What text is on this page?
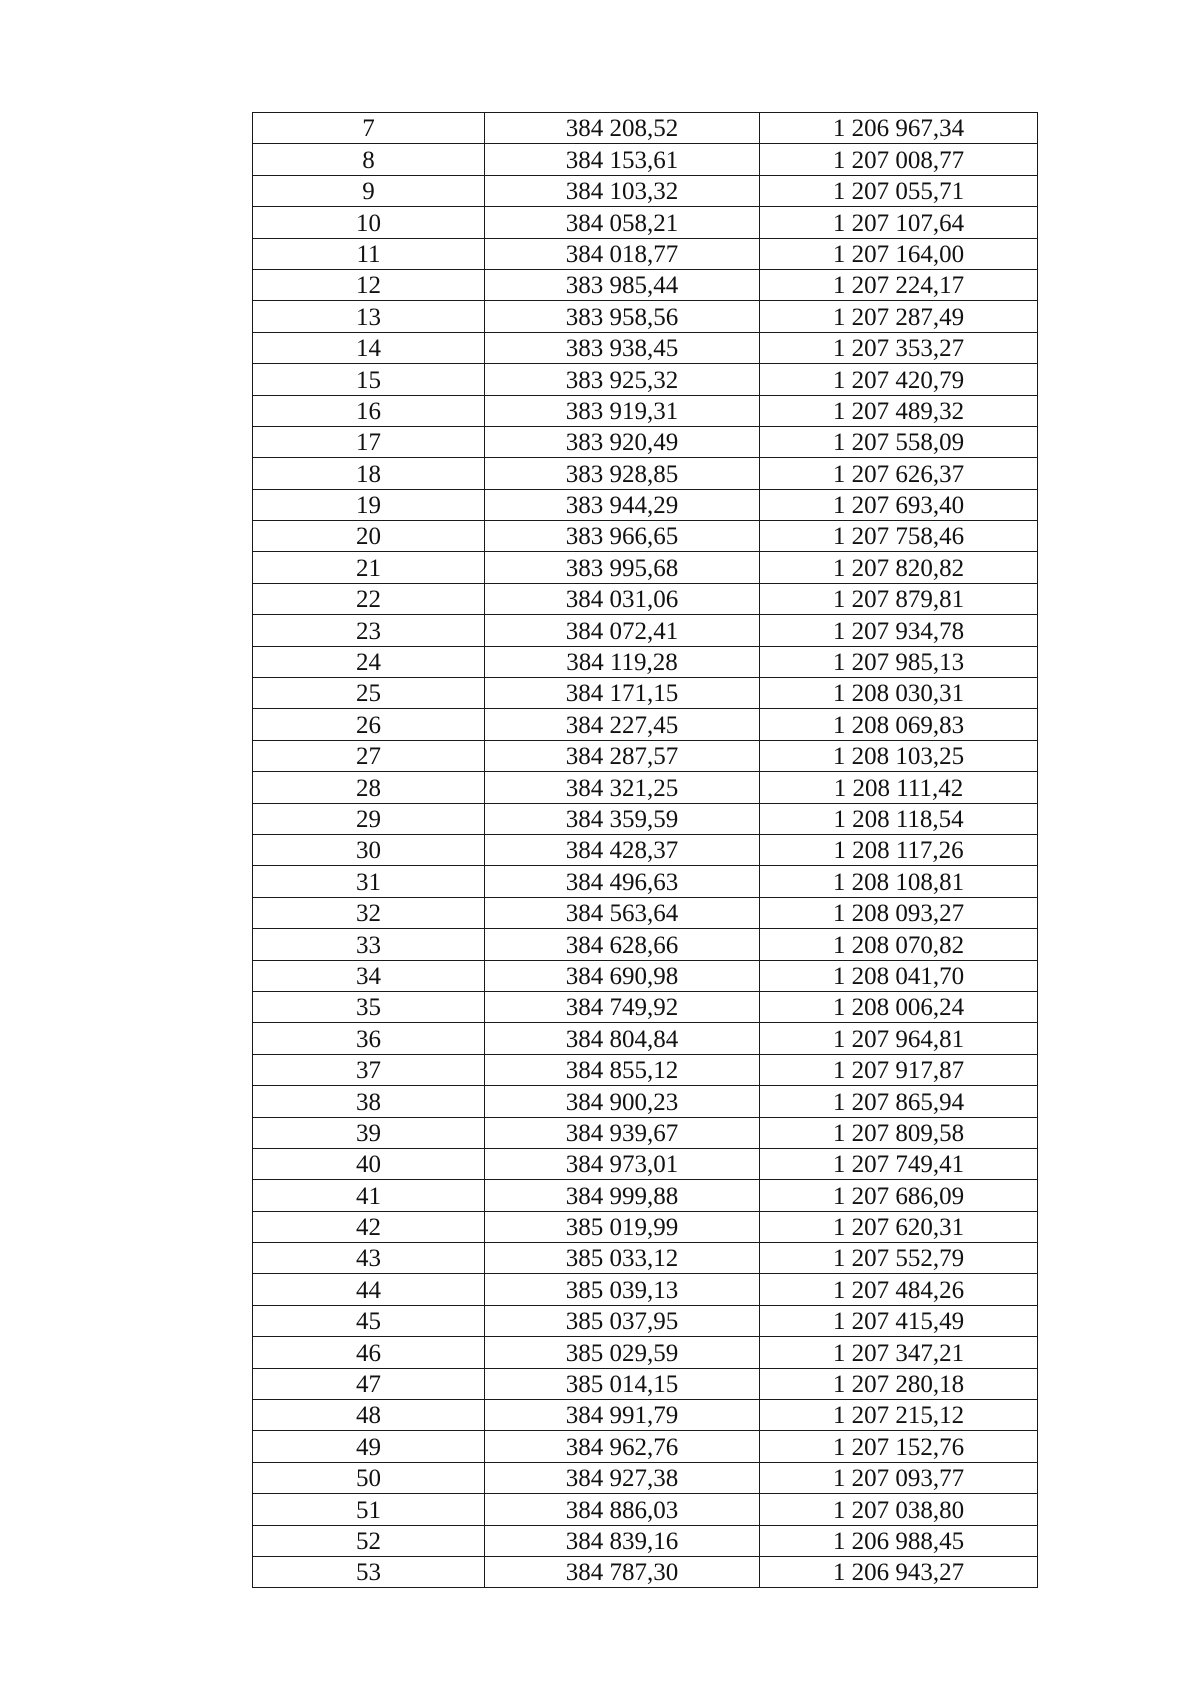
7	384 208,52	1 206 967,34
8	384 153,61	1 207 008,77
9	384 103,32	1 207 055,71
10	384 058,21	1 207 107,64
11	384 018,77	1 207 164,00
12	383 985,44	1 207 224,17
13	383 958,56	1 207 287,49
14	383 938,45	1 207 353,27
15	383 925,32	1 207 420,79
16	383 919,31	1 207 489,32
17	383 920,49	1 207 558,09
18	383 928,85	1 207 626,37
19	383 944,29	1 207 693,40
20	383 966,65	1 207 758,46
21	383 995,68	1 207 820,82
22	384 031,06	1 207 879,81
23	384 072,41	1 207 934,78
24	384 119,28	1 207 985,13
25	384 171,15	1 208 030,31
26	384 227,45	1 208 069,83
27	384 287,57	1 208 103,25
28	384 321,25	1 208 111,42
29	384 359,59	1 208 118,54
30	384 428,37	1 208 117,26
31	384 496,63	1 208 108,81
32	384 563,64	1 208 093,27
33	384 628,66	1 208 070,82
34	384 690,98	1 208 041,70
35	384 749,92	1 208 006,24
36	384 804,84	1 207 964,81
37	384 855,12	1 207 917,87
38	384 900,23	1 207 865,94
39	384 939,67	1 207 809,58
40	384 973,01	1 207 749,41
41	384 999,88	1 207 686,09
42	385 019,99	1 207 620,31
43	385 033,12	1 207 552,79
44	385 039,13	1 207 484,26
45	385 037,95	1 207 415,49
46	385 029,59	1 207 347,21
47	385 014,15	1 207 280,18
48	384 991,79	1 207 215,12
49	384 962,76	1 207 152,76
50	384 927,38	1 207 093,77
51	384 886,03	1 207 038,80
52	384 839,16	1 206 988,45
53	384 787,30	1 206 943,27
